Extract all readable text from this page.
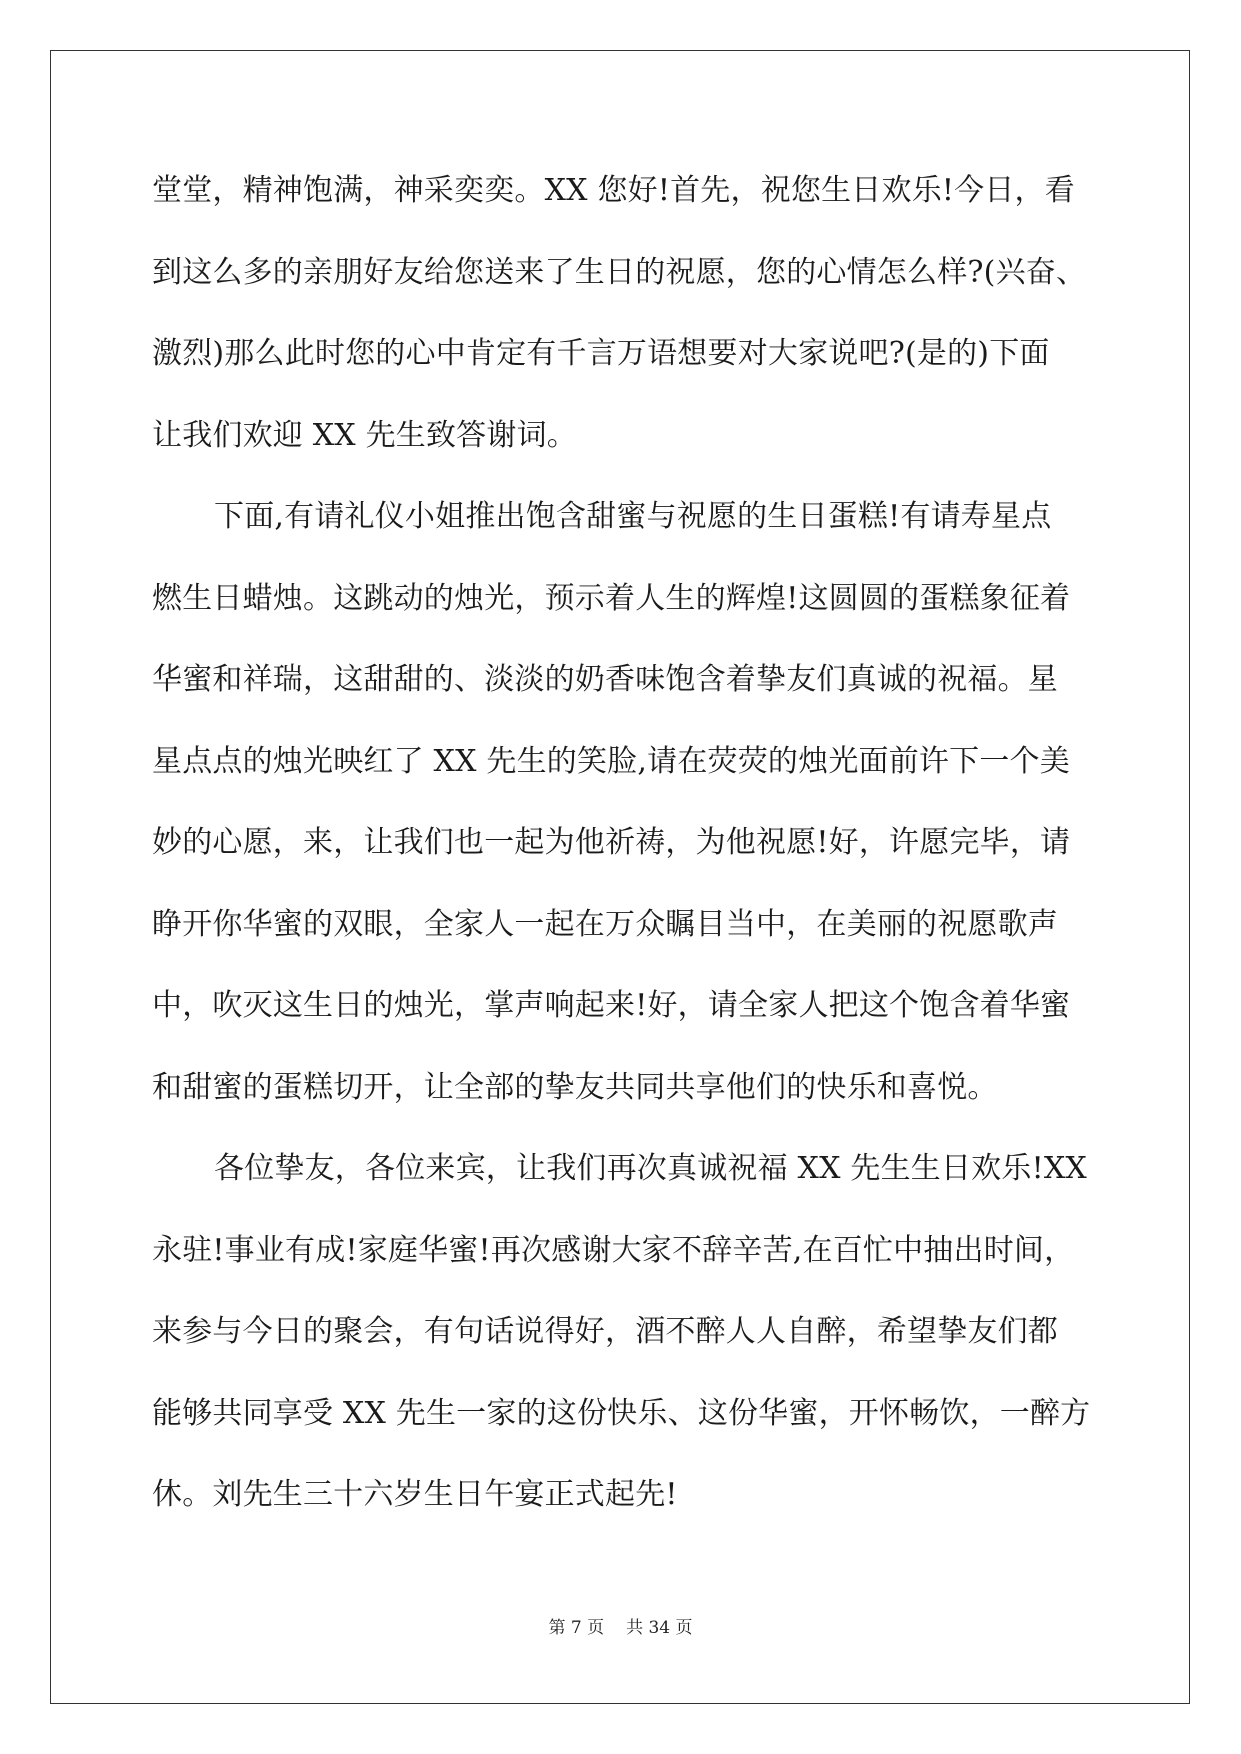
堂堂，精神饱满，神采奕奕。XX 您好!首先，祝您生日欢乐!今日，看
到这么多的亲朋好友给您送来了生日的祝愿，您的心情怎么样?(兴奋、
激烈)那么此时您的心中肯定有千言万语想要对大家说吧?(是的)下面
让我们欢迎 XX 先生致答谢词。
下面,有请礼仪小姐推出饱含甜蜜与祝愿的生日蛋糕!有请寿星点
燃生日蜡烛。这跳动的烛光，预示着人生的辉煌!这圆圆的蛋糕象征着
华蜜和祥瑞，这甜甜的、淡淡的奶香味饱含着挚友们真诚的祝福。星
星点点的烛光映红了 XX 先生的笑脸,请在荧荧的烛光面前许下一个美
妙的心愿，来，让我们也一起为他祈祷，为他祝愿!好，许愿完毕，请
睁开你华蜜的双眼，全家人一起在万众瞩目当中，在美丽的祝愿歌声
中，吹灭这生日的烛光，掌声响起来!好，请全家人把这个饱含着华蜜
和甜蜜的蛋糕切开，让全部的挚友共同共享他们的快乐和喜悦。
各位挚友，各位来宾，让我们再次真诚祝福 XX 先生生日欢乐!XX
永驻!事业有成!家庭华蜜!再次感谢大家不辞辛苦,在百忙中抽出时间，
来参与今日的聚会，有句话说得好，酒不醉人人自醉，希望挚友们都
能够共同享受 XX 先生一家的这份快乐、这份华蜜，开怀畅饮，一醉方
休。刘先生三十六岁生日午宴正式起先!
第 7 页 共 34 页
